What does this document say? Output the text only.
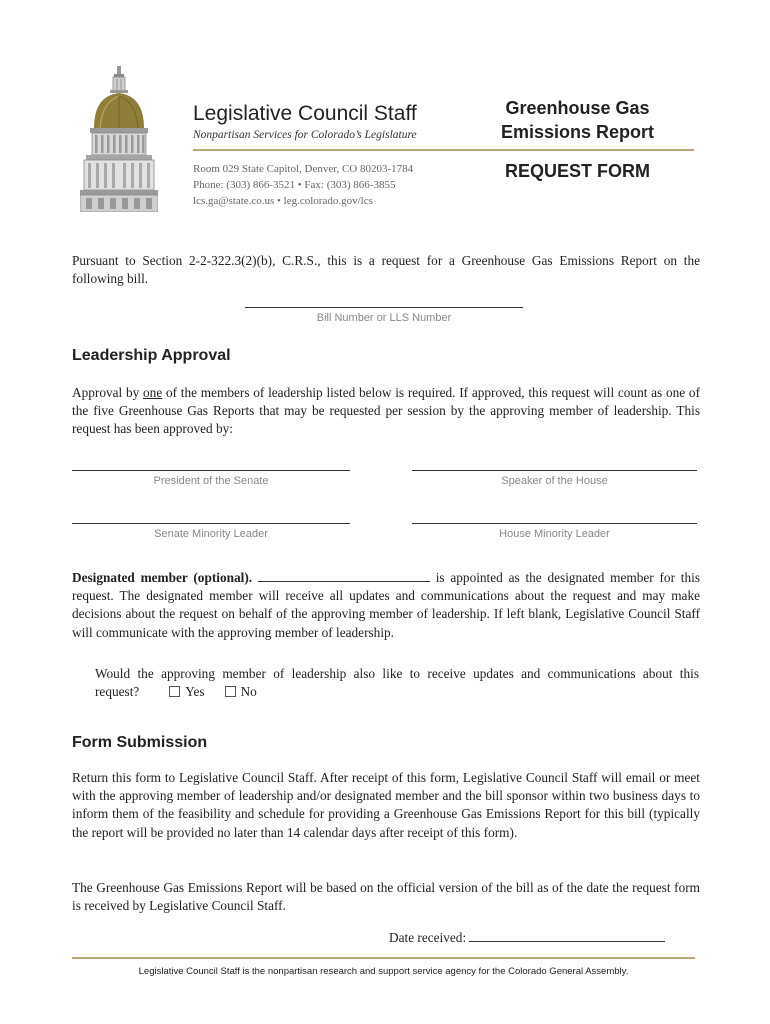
Legislative Council Staff
Nonpartisan Services for Colorado’s Legislature
Room 029 State Capitol, Denver, CO 80203-1784
Phone: (303) 866-3521 • Fax: (303) 866-3855
lcs.ga@state.co.us • leg.colorado.gov/lcs
Greenhouse Gas
Emissions Report
REQUEST FORM
Pursuant to Section 2-2-322.3(2)(b), C.R.S., this is a request for a Greenhouse Gas Emissions Report on the following bill.
Bill Number or LLS Number
Leadership Approval
Approval by one of the members of leadership listed below is required. If approved, this request will count as one of the five Greenhouse Gas Reports that may be requested per session by the approving member of leadership. This request has been approved by:
President of the Senate	Speaker of the House
Senate Minority Leader	House Minority Leader
Designated member (optional).	is appointed as the designated member for this request. The designated member will receive all updates and communications about the request and may make decisions about the request on behalf of the approving member of leadership. If left blank, Legislative Council Staff will communicate with the approving member of leadership.
Would the approving member of leadership also like to receive updates and communications about this request?	Yes	No
Form Submission
Return this form to Legislative Council Staff. After receipt of this form, Legislative Council Staff will email or meet with the approving member of leadership and/or designated member and the bill sponsor within two business days to inform them of the feasibility and schedule for providing a Greenhouse Gas Emissions Report for this bill (typically the report will be provided no later than 14 calendar days after receipt of this form).
The Greenhouse Gas Emissions Report will be based on the official version of the bill as of the date the request form is received by Legislative Council Staff.
Date received:
Legislative Council Staff is the nonpartisan research and support service agency for the Colorado General Assembly.
